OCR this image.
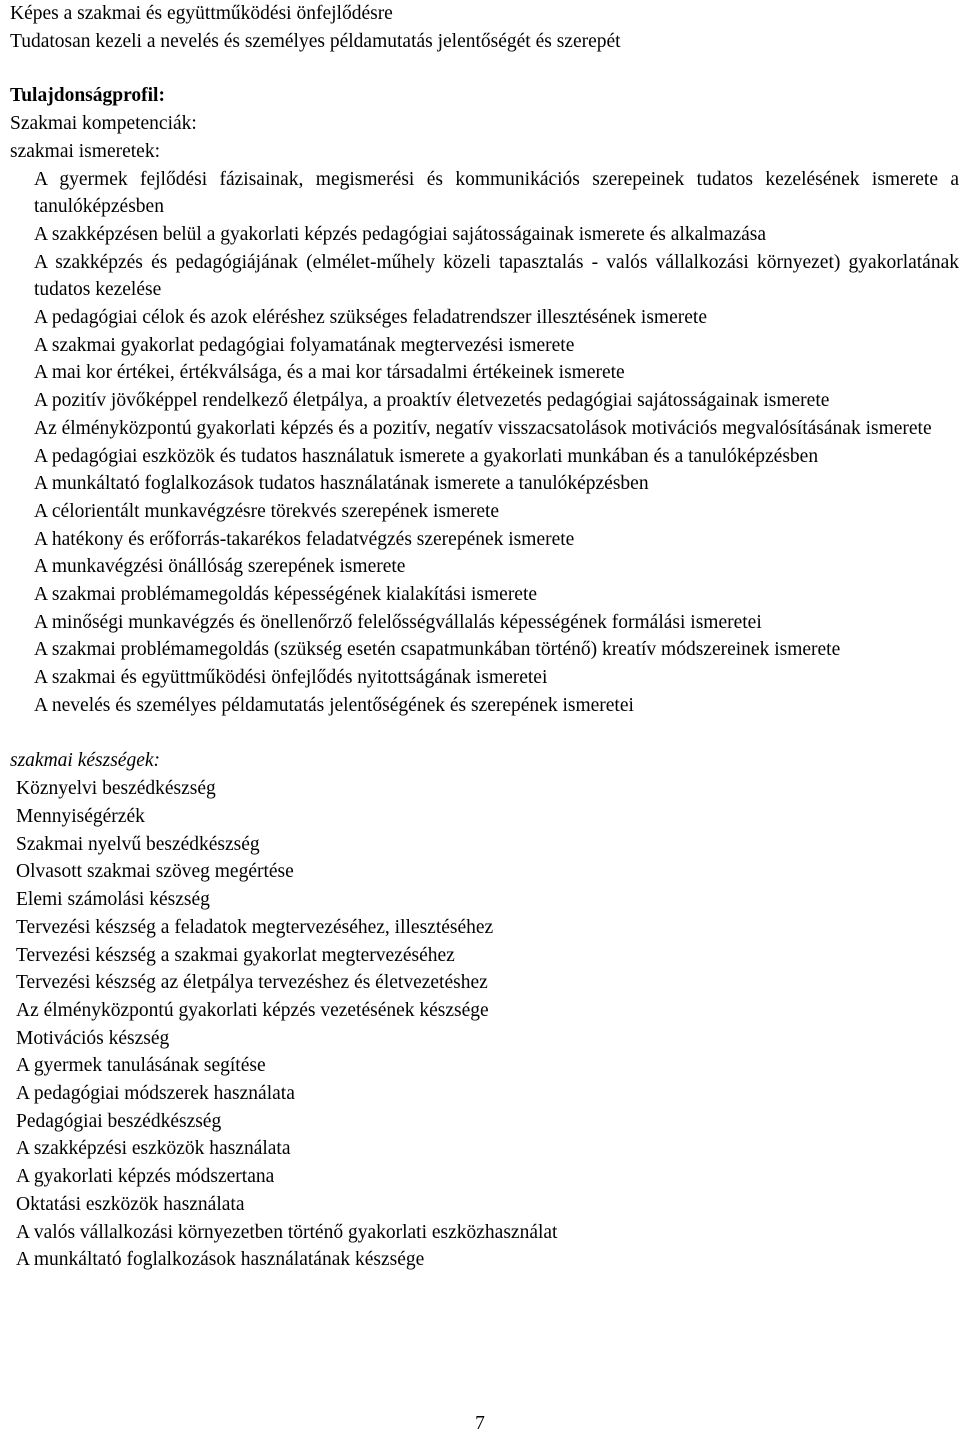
Képes a szakmai és együttműködési önfejlődésre
Tudatosan kezeli a nevelés és személyes példamutatás jelentőségét és szerepét
Tulajdonságprofil:
Szakmai kompetenciák:
szakmai ismeretek:
A gyermek fejlődési fázisainak, megismerési és kommunikációs szerepeinek tudatos kezelésének ismerete a tanulóképzésben
A szakképzésen belül a gyakorlati képzés pedagógiai sajátosságainak ismerete és alkalmazása
A szakképzés és pedagógiájának (elmélet-műhely közeli tapasztalás - valós vállalkozási környezet) gyakorlatának tudatos kezelése
A pedagógiai célok és azok eléréshez szükséges feladatrendszer illesztésének ismerete
A szakmai gyakorlat pedagógiai folyamatának megtervezési ismerete
A mai kor értékei, értékválsága, és a mai kor társadalmi értékeinek ismerete
A pozitív jövőképpel rendelkező életpálya, a proaktív életvezetés pedagógiai sajátosságainak ismerete
Az élményközpontú gyakorlati képzés és a pozitív, negatív visszacsatolások motivációs megvalósításának ismerete
A pedagógiai eszközök és tudatos használatuk ismerete a gyakorlati munkában és a tanulóképzésben
A munkáltató foglalkozások tudatos használatának ismerete a tanulóképzésben
A célorientált munkavégzésre törekvés szerepének ismerete
A hatékony és erőforrás-takarékos feladatvégzés szerepének ismerete
A munkavégzési önállóság szerepének ismerete
A szakmai problémamegoldás képességének kialakítási ismerete
A minőségi munkavégzés és önellenőrző felelősségvállalás képességének formálási ismeretei
A szakmai problémamegoldás (szükség esetén csapatmunkában történő) kreatív módszereinek ismerete
A szakmai és együttműködési önfejlődés nyitottságának ismeretei
A nevelés és személyes példamutatás jelentőségének és szerepének ismeretei
szakmai készségek:
Köznyelvi beszédkészség
Mennyiségérzék
Szakmai nyelvű beszédkészség
Olvasott szakmai szöveg megértése
Elemi számolási készség
Tervezési készség a feladatok megtervezéséhez, illesztéséhez
Tervezési készség a szakmai gyakorlat megtervezéséhez
Tervezési készség az életpálya tervezéshez és életvezetéshez
Az élményközpontú gyakorlati képzés vezetésének készsége
Motivációs készség
A gyermek tanulásának segítése
A pedagógiai módszerek használata
Pedagógiai beszédkészség
A szakképzési eszközök használata
A gyakorlati képzés módszertana
Oktatási eszközök használata
A valós vállalkozási környezetben történő gyakorlati eszközhasználat
A munkáltató foglalkozások használatának készsége
7
